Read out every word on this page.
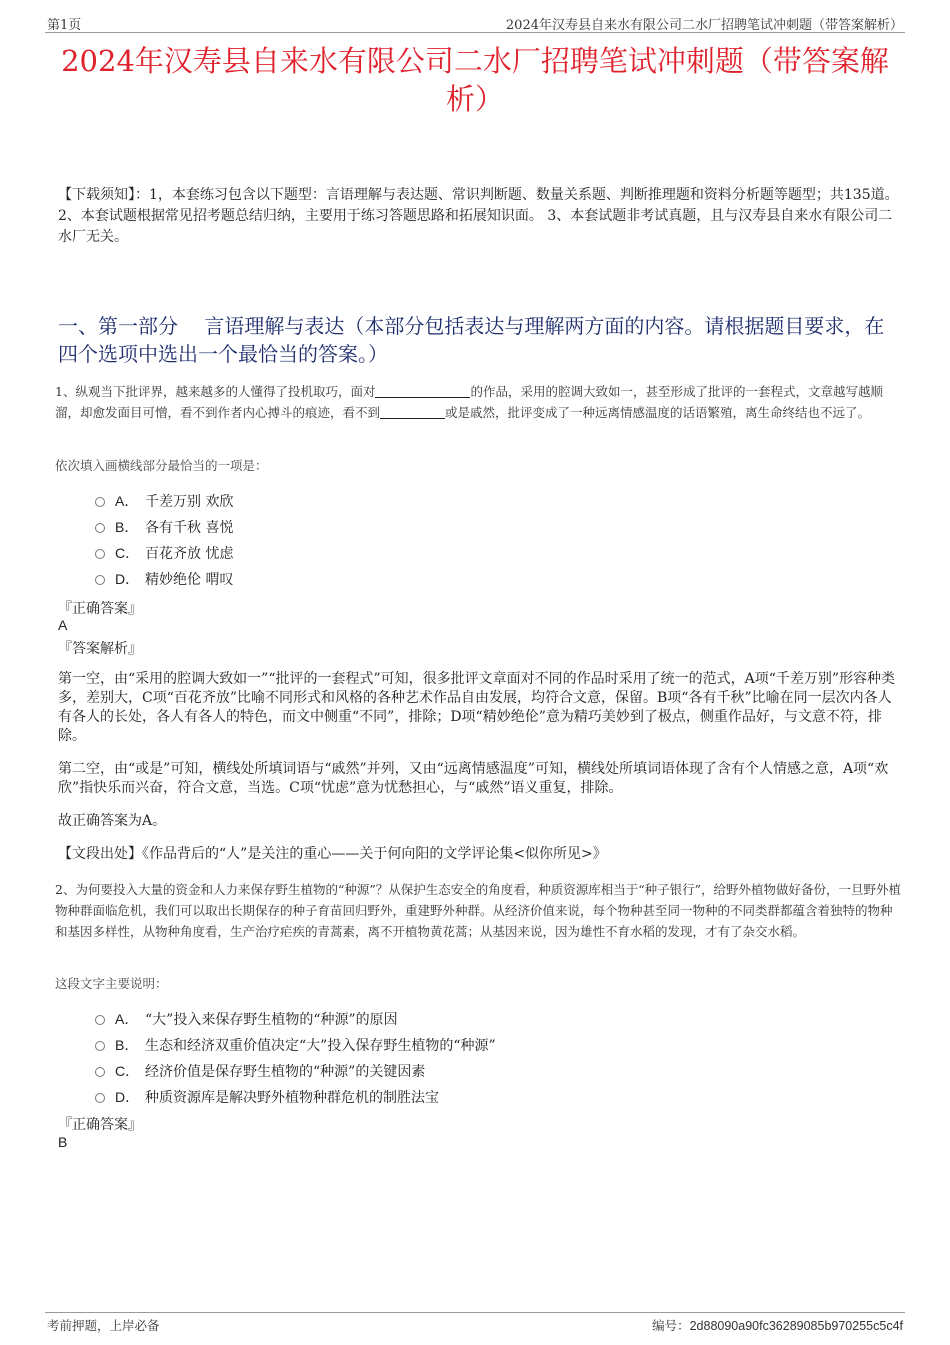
第1页	2024年汉寿县自来水有限公司二水厂招聘笔试冲刺题（带答案解析）
2024年汉寿县自来水有限公司二水厂招聘笔试冲刺题（带答案解析）
【下载须知】：1，本套练习包含以下题型：言语理解与表达题、常识判断题、数量关系题、判断推理题和资料分析题等题型；共135道。 2、本套试题根据常见招考题总结归纳，主要用于练习答题思路和拓展知识面。 3、本套试题非考试真题，且与汉寿县自来水有限公司二水厂无关。
一、第一部分　 言语理解与表达（本部分包括表达与理解两方面的内容。请根据题目要求，在四个选项中选出一个最恰当的答案。）
1、纵观当下批评界，越来越多的人懂得了投机取巧，面对	的作品，采用的腔调大致如一，甚至形成了批评的一套程式，文章越写越顺溜，却愈发面目可憎，看不到作者内心搏斗的痕迹，看不到	或是戚然，批评变成了一种远离情感温度的话语繁殖，离生命终结也不远了。
依次填入画横线部分最恰当的一项是：
A． 千差万别 欢欣
B． 各有千秋 喜悦
C． 百花齐放 忧虑
D． 精妙绝伦 喟叹
『正确答案』
A
『答案解析』
第一空，由“采用的腔调大致如一”“批评的一套程式”可知，很多批评文章面对不同的作品时采用了统一的范式，A项“千差万别”形容种类多，差别大，C项“百花齐放”比喻不同形式和风格的各种艺术作品自由发展，均符合文意，保留。B项“各有千秋”比喻在同一层次内各人有各人的长处，各人有各人的特色，而文中侧重“不同”，排除；D项“精妙绝伦”意为精巧美妙到了极点，侧重作品好，与文意不符，排除。
第二空，由“或是”可知，横线处所填词语与“戚然”并列，又由“远离情感温度”可知，横线处所填词语体现了含有个人情感之意，A项“欢欣”指快乐而兴奋，符合文意，当选。C项“忧虑”意为忧愁担心，与“戚然”语义重复，排除。
故正确答案为A。
【文段出处】《作品背后的“人”是关注的重心——关于何向阳的文学评论集<似你所见>》
2、为何要投入大量的资金和人力来保存野生植物的“种源”？从保护生态安全的角度看，种质资源库相当于“种子银行”，给野外植物做好备份，一旦野外植物种群面临危机，我们可以取出长期保存的种子育苗回归野外，重建野外种群。从经济价值来说，每个物种甚至同一物种的不同类群都蕴含着独特的物种和基因多样性，从物种角度看，生产治疗疟疾的青蒿素，离不开植物黄花蒿；从基因来说，因为雄性不育水稻的发现，才有了杂交水稻。
这段文字主要说明：
A． “大”投入来保存野生植物的“种源”的原因
B． 生态和经济双重价值决定“大”投入保存野生植物的“种源”
C． 经济价值是保存野生植物的“种源”的关键因素
D． 种质资源库是解决野外植物种群危机的制胜法宝
『正确答案』
B
考前押题，上岸必备	编号：2d88090a90fc36289085b970255c5c4f
